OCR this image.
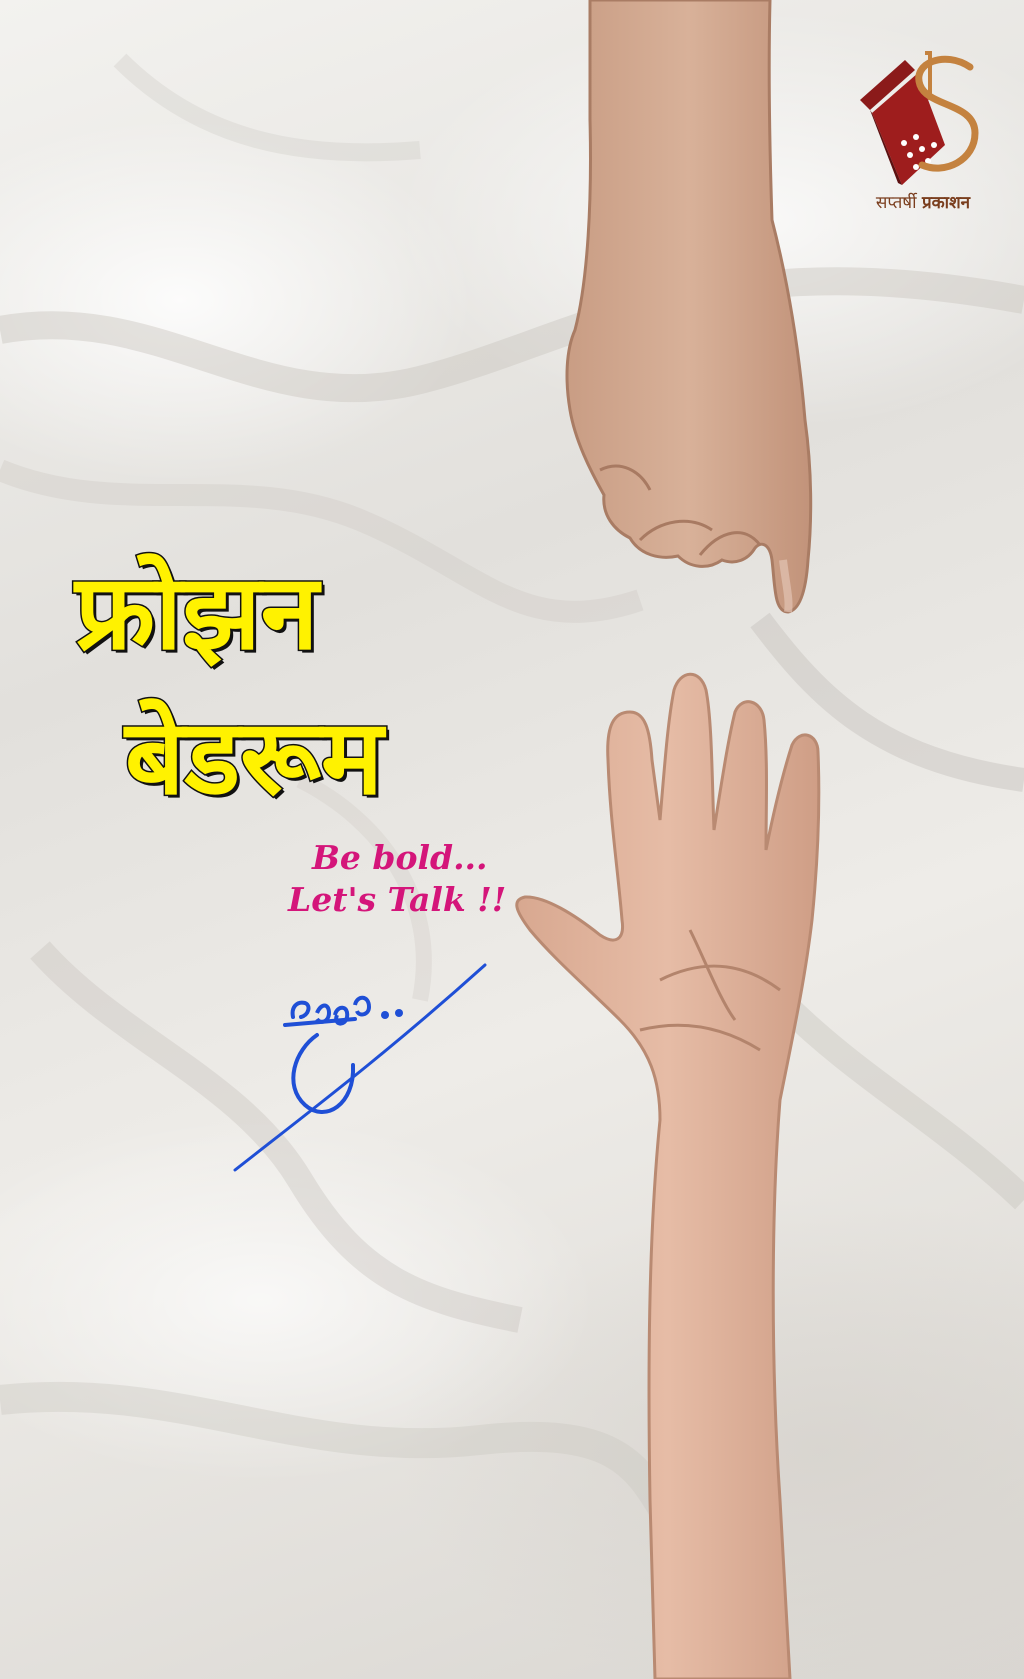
सप्तर्षी प्रकाशन
फ्रोझन
बेडरूम
Be bold...
Let's Talk !!
